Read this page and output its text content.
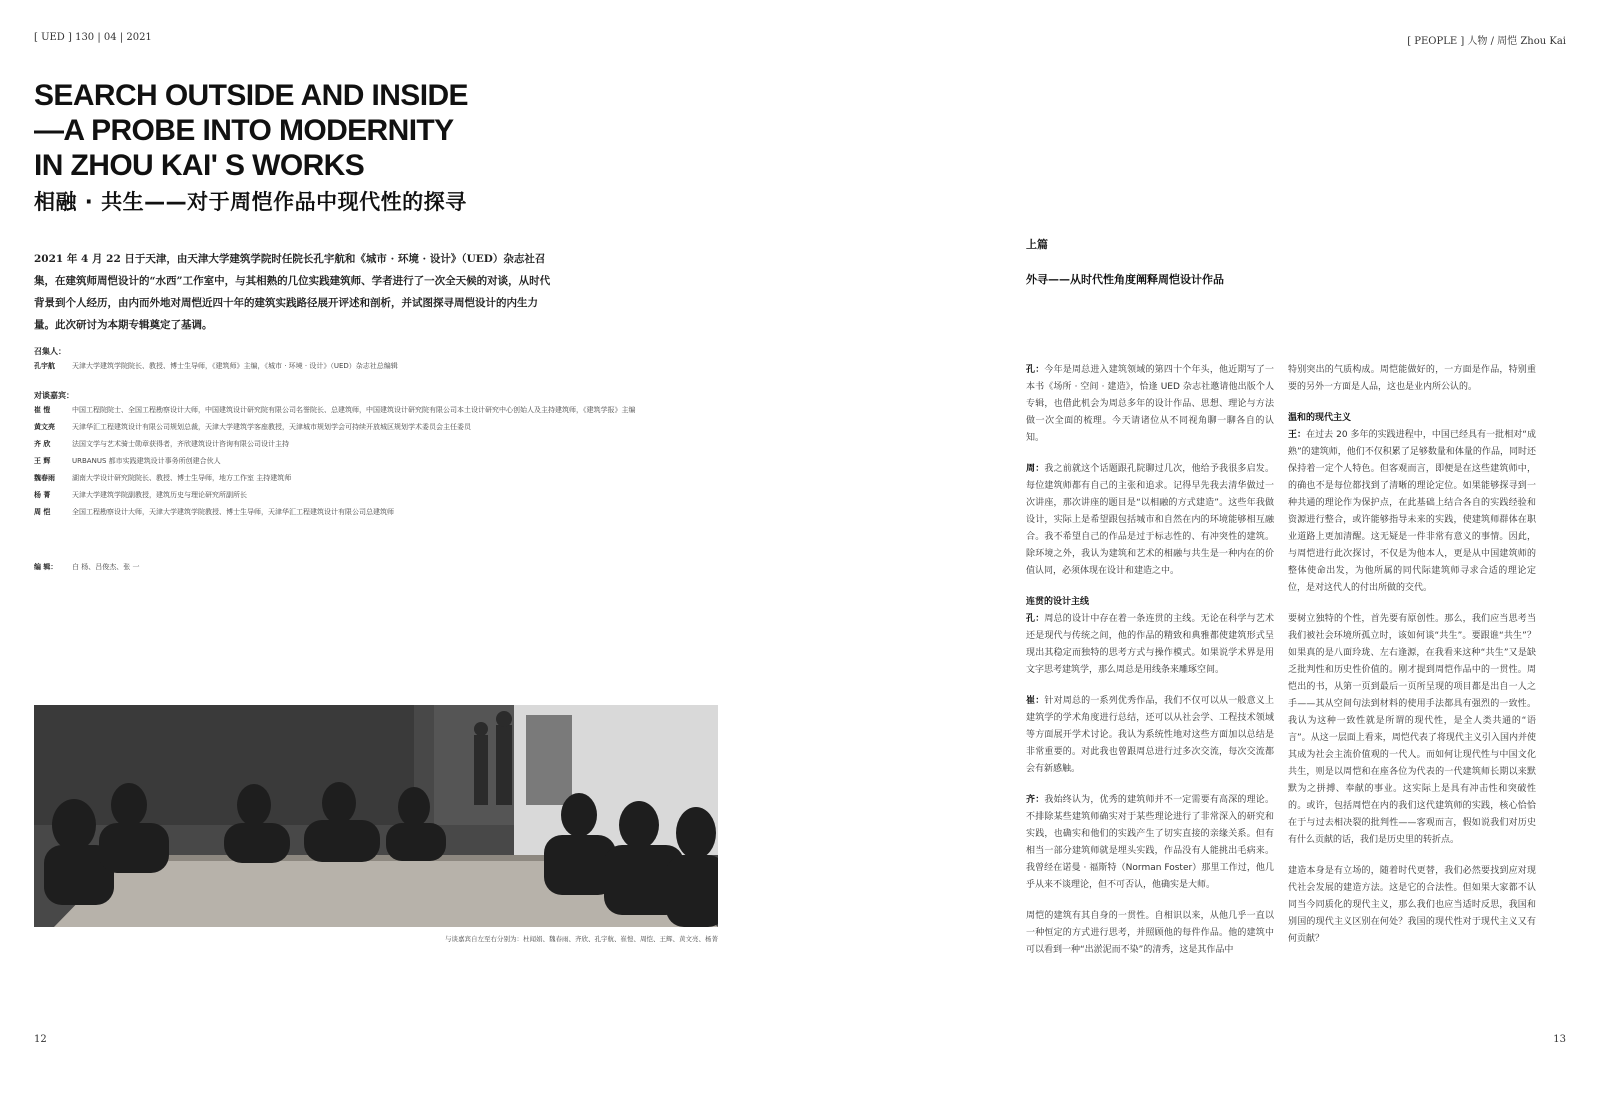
[ UED ] 130 | 04 | 2021	[ PEOPLE ] 人物 / 周恺 Zhou Kai
SEARCH OUTSIDE AND INSIDE
—A PROBE INTO MODERNITY
IN ZHOU KAI' S WORKS
相融 · 共生——对于周恺作品中现代性的探寻
2021 年 4 月 22 日于天津，由天津大学建筑学院时任院长孔宇航和《城市 · 环境 · 设计》（UED）杂志社召集，在建筑师周恺设计的“水西”工作室中，与其相熟的几位实践建筑师、学者进行了一次全天候的对谈，从时代背景到个人经历，由内而外地对周恺近四十年的建筑实践路径展开评述和剖析，并试图探寻周恺设计的内生力量。此次研讨为本期专辑奠定了基调。
召集人：
孔宇航	天津大学建筑学院院长、教授、博士生导师，《建筑师》主编，《城市 · 环境 · 设计》（UED）杂志社总编辑
对谈嘉宾：
崔 愷	中国工程院院士、全国工程勘察设计大师，中国建筑设计研究院有限公司名誉院长、总建筑师，中国建筑设计研究院有限公司本土设计研究中心创始人及主持建筑师，《建筑学报》主编
黄文亮	天津华汇工程建筑设计有限公司规划总裁，天津大学建筑学客座教授，天津城市规划学会可持续开放城区规划学术委员会主任委员
齐 欣	法国文学与艺术骑士勋章获得者，齐欣建筑设计咨询有限公司设计主持
王 辉	URBANUS 都市实践建筑设计事务所创建合伙人
魏春雨	湖南大学设计研究院院长、教授、博士生导师，地方工作室 主持建筑师
杨 菁	天津大学建筑学院副教授，建筑历史与理论研究所副所长
周 恺	全国工程勘察设计大师，天津大学建筑学院教授、博士生导师，天津华汇工程建筑设计有限公司总建筑师
编 辑：	白 杨、吕俊杰、张 一
与谈嘉宾自左至右分别为：杜闻娟、魏春雨、齐欣、孔宇航、崔愷、周恺、王辉、黄文亮、杨菁
12	13
上篇
外寻——从时代性角度阐释周恺设计作品

孔：今年是周总进入建筑领域的第四十个年头，他近期写了一本书《场所 · 空间 · 建造》，恰逢 UED 杂志社邀请他出版个人专辑，也借此机会为周总多年的设计作品、思想、理论与方法做一次全面的梳理。今天请诸位从不同视角聊一聊各自的认知。

周：我之前就这个话题跟孔院聊过几次，他给予我很多启发。每位建筑师都有自己的主张和追求。记得早先我去清华做过一次讲座，那次讲座的题目是“以相融的方式建造”。这些年我做设计，实际上是希望跟包括城市和自然在内的环境能够相互融合。我不希望自己的作品是过于标志性的、有冲突性的建筑。除环境之外，我认为建筑和艺术的相融与共生是一种内在的价值认同，必须体现在设计和建造之中。

连贯的设计主线

孔：周总的设计中存在着一条连贯的主线。无论在科学与艺术还是现代与传统之间，他的作品的精致和典雅都使建筑形式呈现出其稳定而独特的思考方式与操作模式。如果说学术界是用文字思考建筑学，那么周总是用线条来雕琢空间。

崔：针对周总的一系列优秀作品，我们不仅可以从一般意义上建筑学的学术角度进行总结，还可以从社会学、工程技术领域等方面展开学术讨论。我认为系统性地对这些方面加以总结是非常重要的。对此我也曾跟周总进行过多次交流，每次交流都会有新感触。

齐：我始终认为，优秀的建筑师并不一定需要有高深的理论。不排除某些建筑师确实对于某些理论进行了非常深入的研究和实践，也确实和他们的实践产生了切实直接的亲缘关系。但有相当一部分建筑师就是埋头实践，作品没有人能挑出毛病来。我曾经在诺曼 · 福斯特（Norman Foster）那里工作过，他几乎从来不谈理论，但不可否认，他确实是大师。

周恺的建筑有其自身的一贯性。自相识以来，从他几乎一直以一种恒定的方式进行思考，并照顾他的每件作品。他的建筑中可以看到一种“出淤泥而不染”的清秀，这是其作品中

特别突出的气质构成。周恺能做好的，一方面是作品，特别重要的另外一方面是人品，这也是业内所公认的。

温和的现代主义

王：在过去 20 多年的实践进程中，中国已经具有一批相对“成熟”的建筑师，他们不仅积累了足够数量和体量的作品，同时还保持着一定个人特色。但客观而言，即便是在这些建筑师中，的确也不是每位都找到了清晰的理论定位。如果能够探寻到一种共通的理论作为保护点，在此基础上结合各自的实践经验和资源进行整合，或许能够指导未来的实践，使建筑师群体在职业道路上更加清醒。这无疑是一件非常有意义的事情。因此，与周恺进行此次探讨，不仅是为他本人，更是从中国建筑师的整体使命出发，为他所属的同代际建筑师寻求合适的理论定位，是对这代人的付出所做的交代。

要树立独特的个性，首先要有原创性。那么，我们应当思考当我们被社会环境所孤立时，该如何谈“共生”。要跟谁“共生”？如果真的是八面玲珑、左右逢源，在我看来这种“共生”又是缺乏批判性和历史性价值的。刚才提到周恺作品中的一贯性。周恺出的书，从第一页到最后一页所呈现的项目都是出自一人之手——其从空间句法到材料的使用手法都具有强烈的一致性。我认为这种一致性就是所谓的现代性，是全人类共通的“语言”。从这一层面上看来，周恺代表了将现代主义引入国内并使其成为社会主流价值观的一代人。而如何让现代性与中国文化共生，则是以周恺和在座各位为代表的一代建筑师长期以来默默为之拼搏、奉献的事业。这实际上是具有冲击性和突破性的。或许，包括周恺在内的我们这代建筑师的实践，核心恰恰在于与过去相决裂的批判性——客观而言，假如说我们对历史有什么贡献的话，我们是历史里的转折点。

建造本身是有立场的，随着时代更替，我们必然要找到应对现代社会发展的建造方法。这是它的合法性。但如果大家都不认同当今同质化的现代主义，那么我们也应当适时反思，我国和别国的现代主义区别在何处？我国的现代性对于现代主义又有何贡献？
